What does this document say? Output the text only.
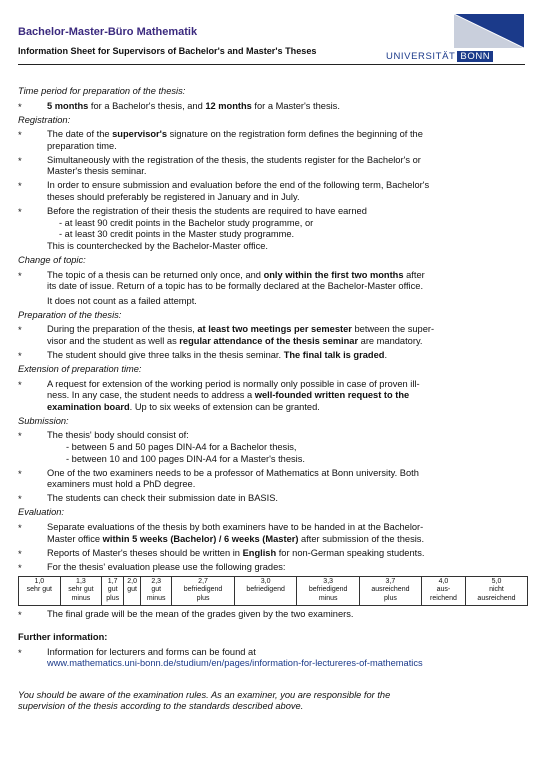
Bachelor-Master-Büro Mathematik
Information Sheet for Supervisors of Bachelor's and Master's Theses	UNIVERSITÄT BONN
Time period for preparation of the thesis:
*	5 months for a Bachelor's thesis, and 12 months for a Master's thesis.
Registration:
*	The date of the supervisor's signature on the registration form defines the beginning of the
preparation time.
*	Simultaneously with the registration of the thesis, the students register for the Bachelor's or
Master's thesis seminar.
*	In order to ensure submission and evaluation before the end of the following term, Bachelor's
theses should preferably be registered in January and in July.
*	Before the registration of their thesis the students are required to have earned
- at least 90 credit points in the Bachelor study programme, or
- at least 30 credit points in the Master study programme.
This is counterchecked by the Bachelor-Master office.
Change of topic:
*	The topic of a thesis can be returned only once, and only within the first two months after
its date of issue. Return of a topic has to be formally declared at the Bachelor-Master office.
It does not count as a failed attempt.
Preparation of the thesis:
*	During the preparation of the thesis, at least two meetings per semester between the super-
visor and the student as well as regular attendance of the thesis seminar are mandatory.
*	The student should give three talks in the thesis seminar. The final talk is graded.
Extension of preparation time:
*	A request for extension of the working period is normally only possible in case of proven ill-
ness. In any case, the student needs to address a well-founded written request to the
examination board. Up to six weeks of extension can be granted.
Submission:
*	The thesis' body should consist of:
- between 5 and 50 pages DIN-A4 for a Bachelor thesis,
- between 10 and 100 pages DIN-A4 for a Master's thesis.
*	One of the two examiners needs to be a professor of Mathematics at Bonn university. Both
examiners must hold a PhD degree.
*	The students can check their submission date in BASIS.
Evaluation:
*	Separate evaluations of the thesis by both examiners have to be handed in at the Bachelor-
Master office within 5 weeks (Bachelor) / 6 weeks (Master) after submission of the thesis.
*	Reports of Master's theses should be written in English for non-German speaking students.
*	For the thesis' evaluation please use the following grades:
1,0
sehr gut

1,3
sehr gut
minus

1,7
gut
plus

2,0
gut

2,3
gut
minus

2,7
befriedigend
plus

3,0
befriedigend

3,3
befriedigend
minus

3,7
ausreichend
plus

4,0
aus-
reichend

5,0
nicht
ausreichend
*	The final grade will be the mean of the grades given by the two examiners.
Further information:
*	Information for lecturers and forms can be found at
www.mathematics.uni-bonn.de/studium/en/pages/information-for-lectureres-of-mathematics
You should be aware of the examination rules. As an examiner, you are responsible for the
supervision of the thesis according to the standards described above.
